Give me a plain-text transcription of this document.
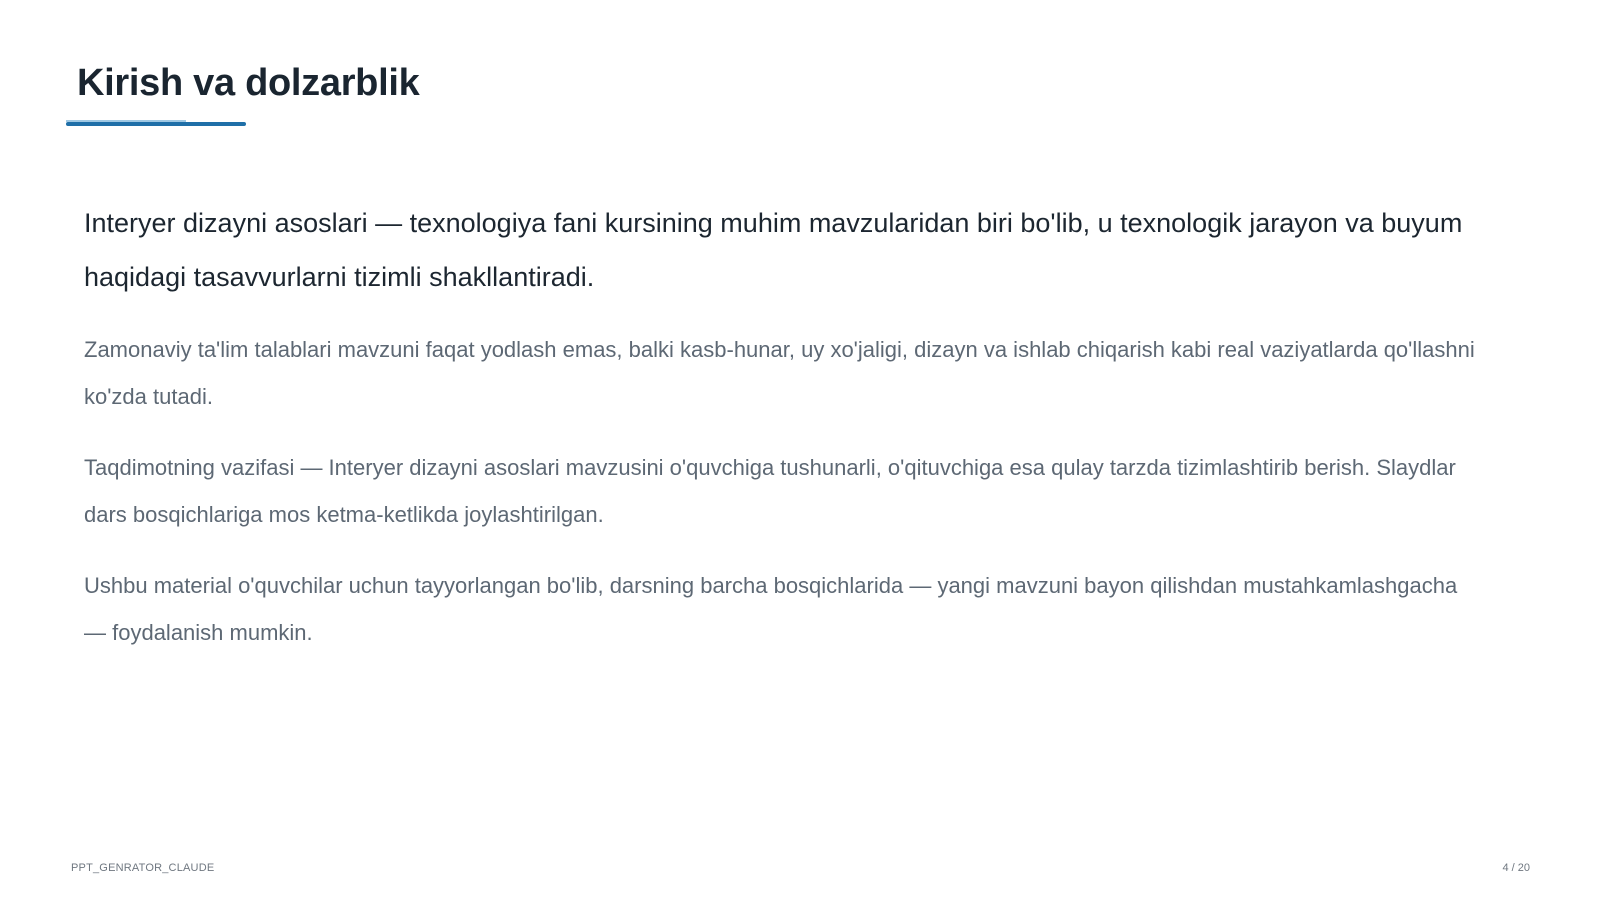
Kirish va dolzarblik

Interyer dizayni asoslari — texnologiya fani kursining muhim mavzularidan biri bo'lib, u texnologik jarayon va buyum haqidagi tasavvurlarni tizimli shakllantiradi.

Zamonaviy ta'lim talablari mavzuni faqat yodlash emas, balki kasb-hunar, uy xo'jaligi, dizayn va ishlab chiqarish kabi real vaziyatlarda qo'llashni ko'zda tutadi.

Taqdimotning vazifasi — Interyer dizayni asoslari mavzusini o'quvchiga tushunarli, o'qituvchiga esa qulay tarzda tizimlashtirib berish. Slaydlar dars bosqichlariga mos ketma-ketlikda joylashtirilgan.

Ushbu material o'quvchilar uchun tayyorlangan bo'lib, darsning barcha bosqichlarida — yangi mavzuni bayon qilishdan mustahkamlashgacha — foydalanish mumkin.

PPT_GENRATOR_CLAUDE	4 / 20
